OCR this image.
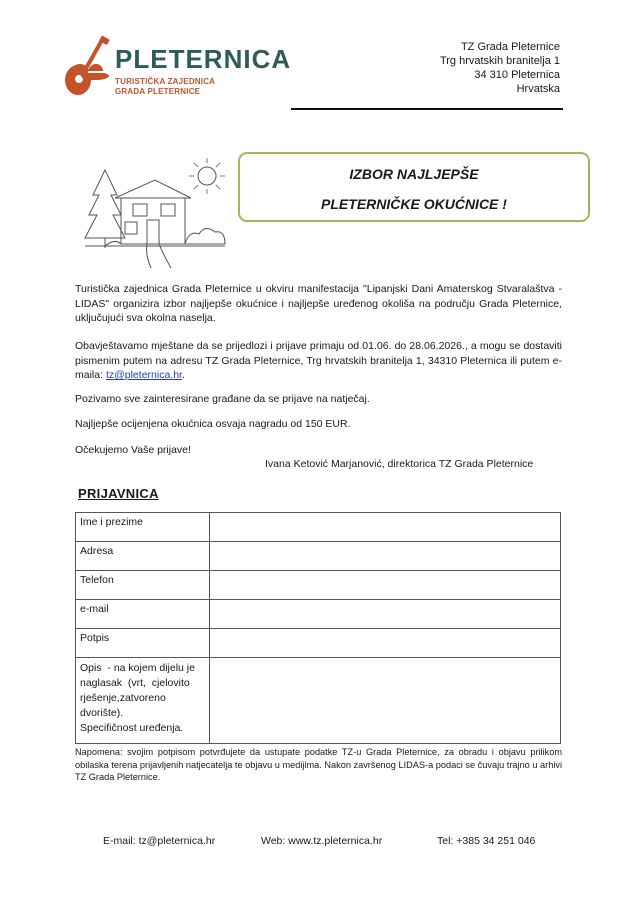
PLETERNICA
TURISTIČKA ZAJEDNICA
GRADA PLETERNICE
TZ Grada Pleternice
Trg hrvatskih branitelja 1
34 310 Pleternica
Hrvatska
IZBOR NAJLJEPŠE
PLETERNIČKE OKUĆNICE !
Turistička zajednica Grada Pleternice u okviru manifestacija "Lipanjski Dani Amaterskog Stvaralaštva - LIDAS" organizira izbor najljepše okućnice i najljepše uređenog okoliša na području Grada Pleternice, uključujući sva okolna naselja.
Obavještavamo mještane da se prijedlozi i prijave primaju od 01.06. do 28.06.2026., a mogu se dostaviti pismenim putem na adresu TZ Grada Pleternice, Trg hrvatskih branitelja 1, 34310 Pleternica ili putem e-maila: tz@pleternica.hr.
Pozivamo sve zainteresirane građane da se prijave na natječaj.
Najljepše ocijenjena okućnica osvaja nagradu od 150 EUR.
Očekujemo Vaše prijave!
Ivana Ketović Marjanović, direktorica TZ Grada Pleternice
PRIJAVNICA
Ime i prezime	
Adresa	
Telefon	
e-mail	
Potpis	

Opis  - na kojem dijelu je
naglasak  (vrt,  cjelovito
rješenje,zatvoreno
dvorište).
Specifičnost uređenja.	

Napomena: svojim potpisom potvrđujete da ustupate podatke TZ-u Grada Pleternice, za obradu i objavu prilikom obilaska terena prijavljenih natjecatelja te objavu u medijima. Nakon završenog LIDAS-a podaci se čuvaju trajno u arhivi TZ Grada Pleternice.
E-mail: tz@pleternica.hr	Web: www.tz.pleternica.hr	Tel: +385 34 251 046
